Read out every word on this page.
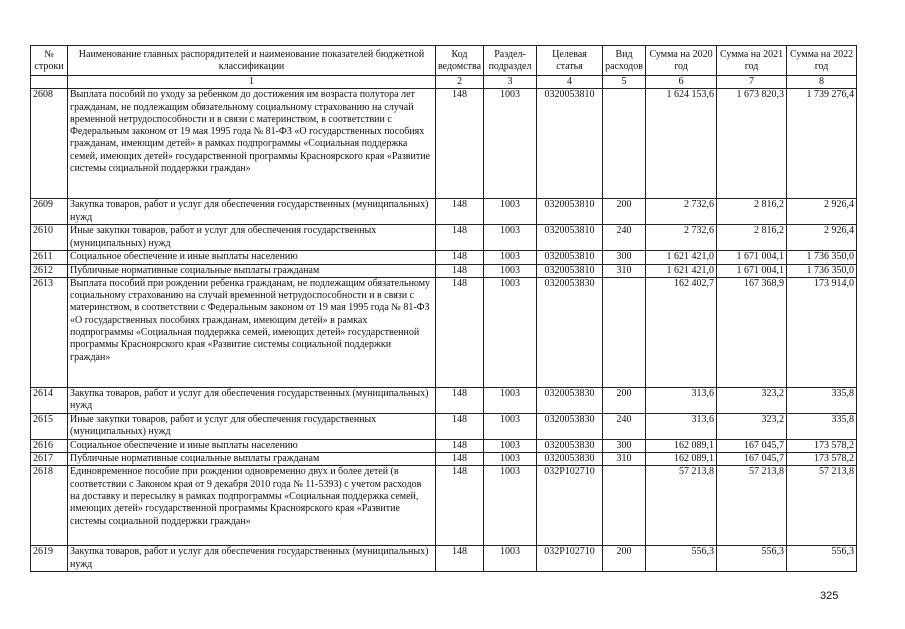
№ строки	Наименование главных распорядителей и наименование показателей бюджетной классификации	Код ведомства	Раздел-подраздел	Целевая статья	Вид расходов	Сумма на 2020 год	Сумма на 2021 год	Сумма на 2022 год
	1	2	3	4	5	6	7	8
2608	Выплата пособий по уходу за ребенком до достижения им возраста полутора лет гражданам, не подлежащим обязательному социальному страхованию на случай временной нетрудоспособности и в связи с материнством, в соответствии с Федеральным законом от 19 мая 1995 года № 81-ФЗ «О государственных пособиях гражданам, имеющим детей» в рамках подпрограммы «Социальная поддержка семей, имеющих детей» государственной программы Красноярского края «Развитие системы социальной поддержки граждан»	148	1003	0320053810		1 624 153,6	1 673 820,3	1 739 276,4
2609	Закупка товаров, работ и услуг для обеспечения государственных (муниципальных) нужд	148	1003	0320053810	200	2 732,6	2 816,2	2 926,4
2610	Иные закупки товаров, работ и услуг для обеспечения государственных (муниципальных) нужд	148	1003	0320053810	240	2 732,6	2 816,2	2 926,4
2611	Социальное обеспечение и иные выплаты населению	148	1003	0320053810	300	1 621 421,0	1 671 004,1	1 736 350,0
2612	Публичные нормативные социальные выплаты гражданам	148	1003	0320053810	310	1 621 421,0	1 671 004,1	1 736 350,0
2613	Выплата пособий при рождении ребенка гражданам, не подлежащим обязательному социальному страхованию на случай временной нетрудоспособности и в связи с материнством, в соответствии с Федеральным законом от 19 мая 1995 года № 81-ФЗ «О государственных пособиях гражданам, имеющим детей» в рамках подпрограммы «Социальная поддержка семей, имеющих детей» государственной программы Красноярского края «Развитие системы социальной поддержки граждан»	148	1003	0320053830		162 402,7	167 368,9	173 914,0
2614	Закупка товаров, работ и услуг для обеспечения государственных (муниципальных) нужд	148	1003	0320053830	200	313,6	323,2	335,8
2615	Иные закупки товаров, работ и услуг для обеспечения государственных (муниципальных) нужд	148	1003	0320053830	240	313,6	323,2	335,8
2616	Социальное обеспечение и иные выплаты населению	148	1003	0320053830	300	162 089,1	167 045,7	173 578,2
2617	Публичные нормативные социальные выплаты гражданам	148	1003	0320053830	310	162 089,1	167 045,7	173 578,2
2618	Единовременное пособие при рождении одновременно двух и более детей (в соответствии с Законом края от 9 декабря 2010 года № 11-5393) с учетом расходов на доставку и пересылку в рамках подпрограммы «Социальная поддержка семей, имеющих детей» государственной программы Красноярского края «Развитие системы социальной поддержки граждан»	148	1003	032P102710		57 213,8	57 213,8	57 213,8
2619	Закупка товаров, работ и услуг для обеспечения государственных (муниципальных) нужд	148	1003	032P102710	200	556,3	556,3	556,3
325
